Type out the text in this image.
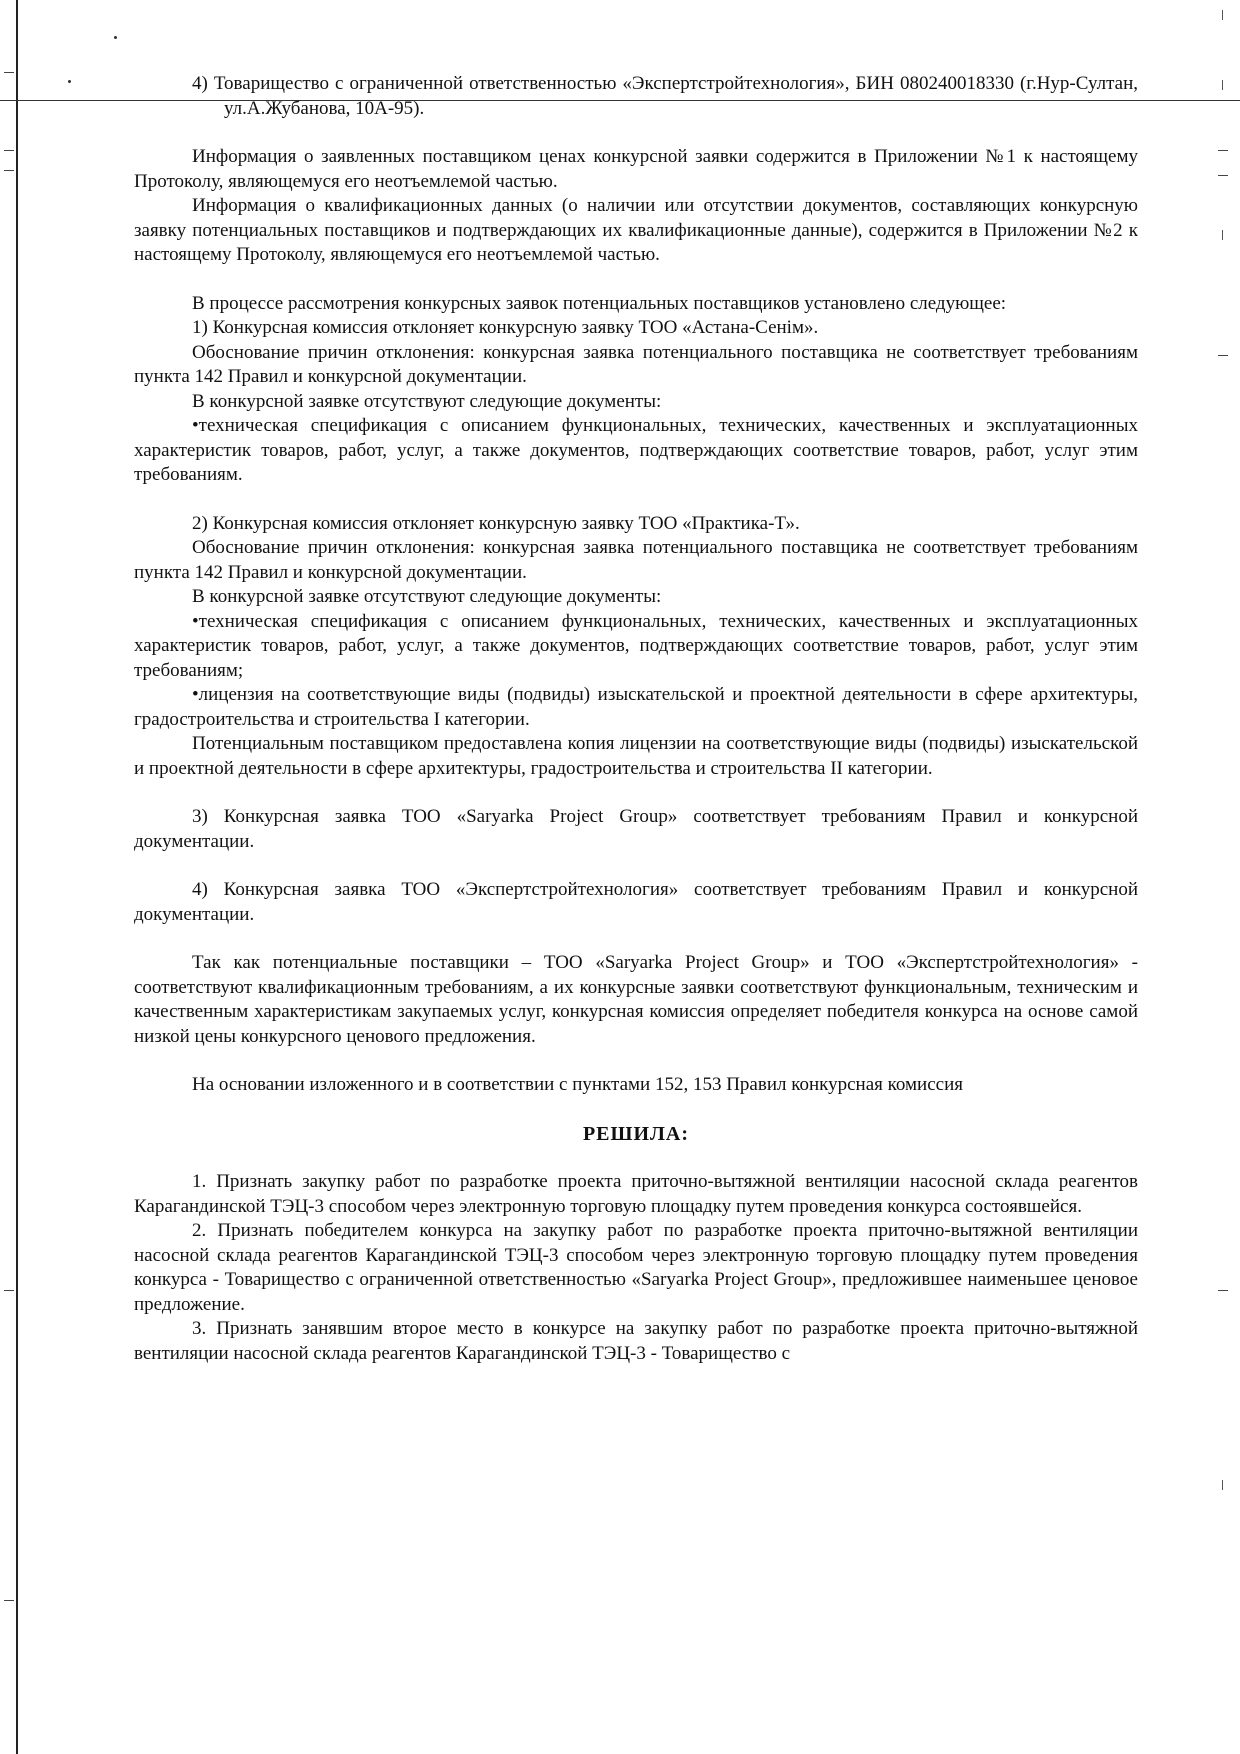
4) Товарищество с ограниченной ответственностью «Экспертстройтехнология», БИН 080240018330 (г.Нур-Султан, ул.А.Жубанова, 10А-95).

Информация о заявленных поставщиком ценах конкурсной заявки содержится в Приложении №1 к настоящему Протоколу, являющемуся его неотъемлемой частью.

Информация о квалификационных данных (о наличии или отсутствии документов, составляющих конкурсную заявку потенциальных поставщиков и подтверждающих их квалификационные данные), содержится в Приложении №2 к настоящему Протоколу, являющемуся его неотъемлемой частью.

В процессе рассмотрения конкурсных заявок потенциальных поставщиков установлено следующее:

1) Конкурсная комиссия отклоняет конкурсную заявку ТОО «Астана-Сенім».

Обоснование причин отклонения: конкурсная заявка потенциального поставщика не соответствует требованиям пункта 142 Правил и конкурсной документации.

В конкурсной заявке отсутствуют следующие документы:

•техническая спецификация с описанием функциональных, технических, качественных и эксплуатационных характеристик товаров, работ, услуг, а также документов, подтверждающих соответствие товаров, работ, услуг этим требованиям.

2) Конкурсная комиссия отклоняет конкурсную заявку ТОО «Практика-Т».

Обоснование причин отклонения: конкурсная заявка потенциального поставщика не соответствует требованиям пункта 142 Правил и конкурсной документации.

В конкурсной заявке отсутствуют следующие документы:

•техническая спецификация с описанием функциональных, технических, качественных и эксплуатационных характеристик товаров, работ, услуг, а также документов, подтверждающих соответствие товаров, работ, услуг этим требованиям;

•лицензия на соответствующие виды (подвиды) изыскательской и проектной деятельности в сфере архитектуры, градостроительства и строительства I категории.

Потенциальным поставщиком предоставлена копия лицензии на соответствующие виды (подвиды) изыскательской и проектной деятельности в сфере архитектуры, градостроительства и строительства II категории.

3) Конкурсная заявка ТОО «Saryarka Project Group» соответствует требованиям Правил и конкурсной документации.

4) Конкурсная заявка ТОО «Экспертстройтехнология» соответствует требованиям Правил и конкурсной документации.

Так как потенциальные поставщики – ТОО «Saryarka Project Group» и ТОО «Экспертстройтехнология» - соответствуют квалификационным требованиям, а их конкурсные заявки соответствуют функциональным, техническим и качественным характеристикам закупаемых услуг, конкурсная комиссия определяет победителя конкурса на основе самой низкой цены конкурсного ценового предложения.

На основании изложенного и в соответствии с пунктами 152, 153 Правил конкурсная комиссия

РЕШИЛА:

1. Признать закупку работ по разработке проекта приточно-вытяжной вентиляции насосной склада реагентов Карагандинской ТЭЦ-3 способом через электронную торговую площадку путем проведения конкурса состоявшейся.

2. Признать победителем конкурса на закупку работ по разработке проекта приточно-вытяжной вентиляции насосной склада реагентов Карагандинской ТЭЦ-3 способом через электронную торговую площадку путем проведения конкурса - Товарищество с ограниченной ответственностью «Saryarka Project Group», предложившее наименьшее ценовое предложение.

3. Признать занявшим второе место в конкурсе на закупку работ по разработке проекта приточно-вытяжной вентиляции насосной склада реагентов Карагандинской ТЭЦ-3 - Товарищество с
